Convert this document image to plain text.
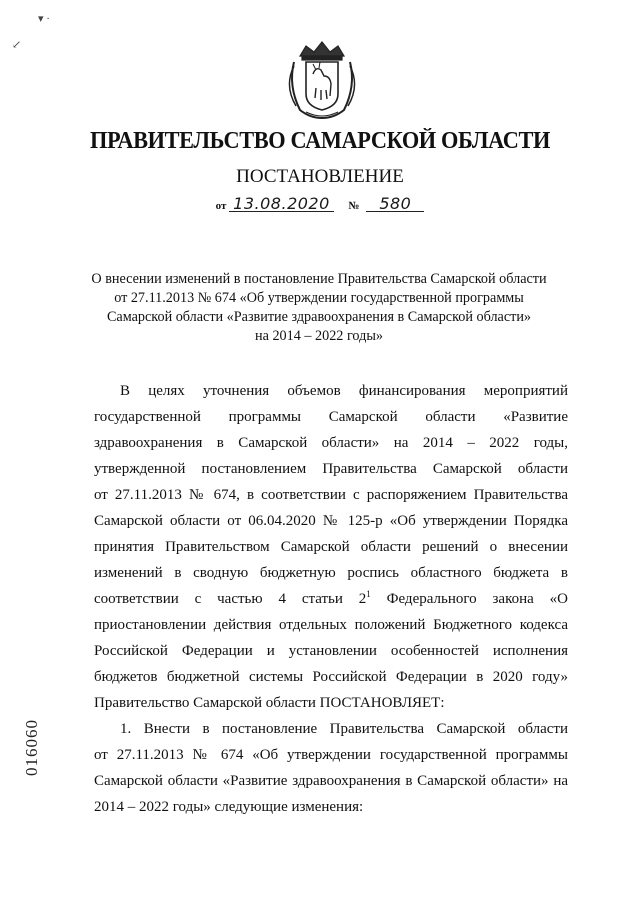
▾ ·
↙
ПРАВИТЕЛЬСТВО САМАРСКОЙ ОБЛАСТИ
ПОСТАНОВЛЕНИЕ
от 13.08.2020 № 580
О внесении изменений в постановление Правительства Самарской области
от 27.11.2013 № 674 «Об утверждении государственной программы
Самарской области «Развитие здравоохранения в Самарской области»
на 2014 – 2022 годы»
В целях уточнения объемов финансирования мероприятий
государственной программы Самарской области «Развитие
здравоохранения в Самарской области» на 2014 – 2022 годы,
утвержденной постановлением Правительства Самарской области
от 27.11.2013 № 674, в соответствии с распоряжением Правительства
Самарской области от 06.04.2020 № 125-р «Об утверждении Порядка
принятия Правительством Самарской области решений о внесении
изменений в сводную бюджетную роспись областного бюджета в
соответствии с частью 4 статьи $2^1$ Федерального закона «О
приостановлении действия отдельных положений Бюджетного кодекса
Российской Федерации и установлении особенностей исполнения
бюджетов бюджетной системы Российской Федерации в 2020 году»
Правительство Самарской области ПОСТАНОВЛЯЕТ:
1. Внести в постановление Правительства Самарской области
от 27.11.2013 № 674 «Об утверждении государственной программы
Самарской области «Развитие здравоохранения в Самарской области» на
2014 – 2022 годы» следующие изменения:
016060
